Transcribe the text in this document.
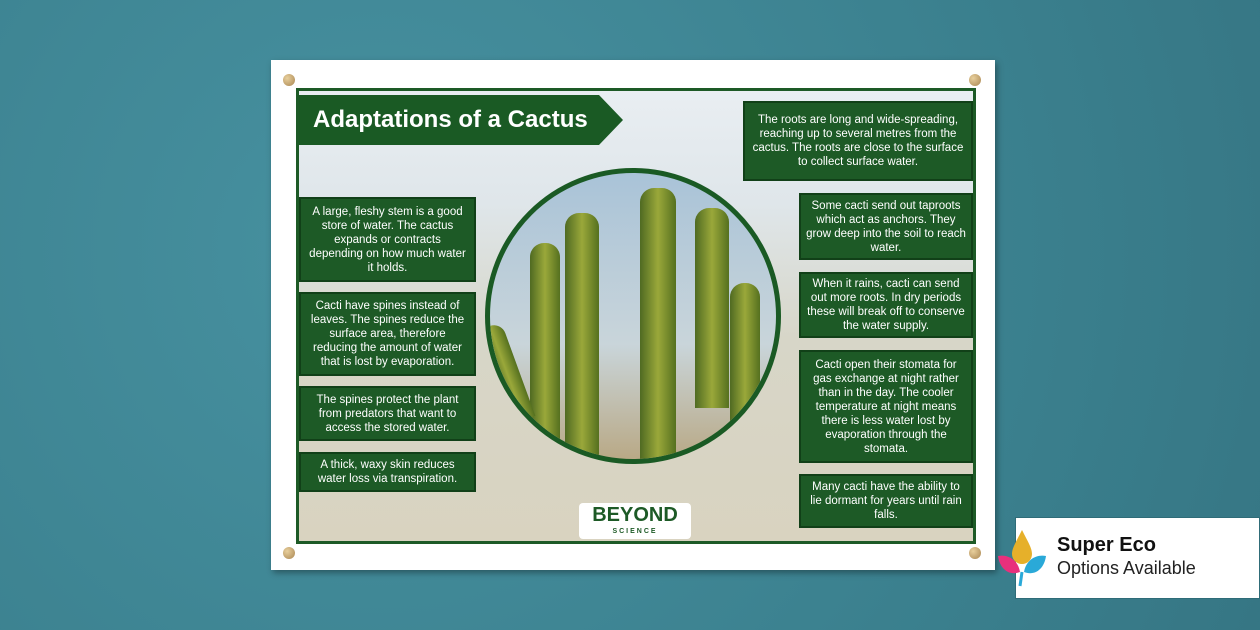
Adaptations of a Cactus
A large, fleshy stem is a good store of water. The cactus expands or contracts depending on how much water it holds.
Cacti have spines instead of leaves. The spines reduce the surface area, therefore reducing the amount of water that is lost by evaporation.
The spines protect the plant from predators that want to access the stored water.
A thick, waxy skin reduces water loss via transpiration.
The roots are long and wide-spreading, reaching up to several metres from the cactus. The roots are close to the surface to collect surface water.
Some cacti send out taproots which act as anchors. They grow deep into the soil to reach water.
When it rains, cacti can send out more roots. In dry periods these will break off to conserve the water supply.
Cacti open their stomata for gas exchange at night rather than in the day. The cooler temperature at night means there is less water lost by evaporation through the stomata.
Many cacti have the ability to lie dormant for years until rain falls.
BEYOND
SCIENCE
Super Eco
Options Available
